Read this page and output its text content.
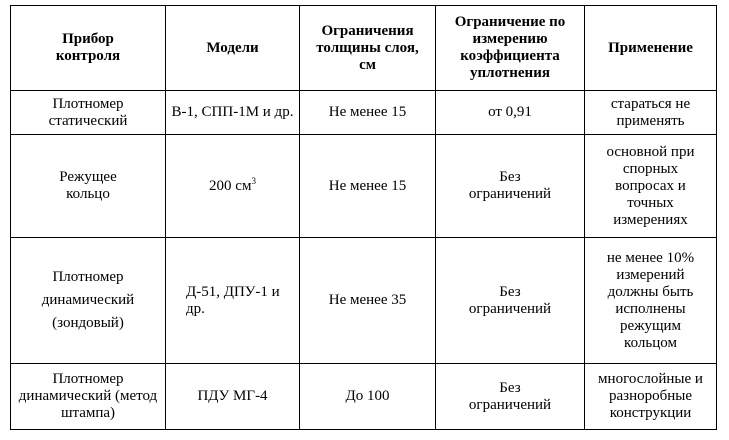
Прибор контроля	Модели	Ограничения толщины слоя, см	Ограничение по измерению коэффициента уплотнения	Применение
Плотномер статический	В-1, СПП-1М и др.	Не менее 15	от 0,91	стараться не применять
Режущее кольцо	200 $см^3$	Не менее 15	Без ограничений	основной при спорных вопросах и точных измерениях
Плотномер динамический (зондовый)	Д-51, ДПУ-1 и др.	Не менее 35	Без ограничений	не менее 10% измерений должны быть исполнены режущим кольцом
Плотномер динамический (метод штампа)	ПДУ МГ-4	До 100	Без ограничений	многослойные и разноробные конструкции
